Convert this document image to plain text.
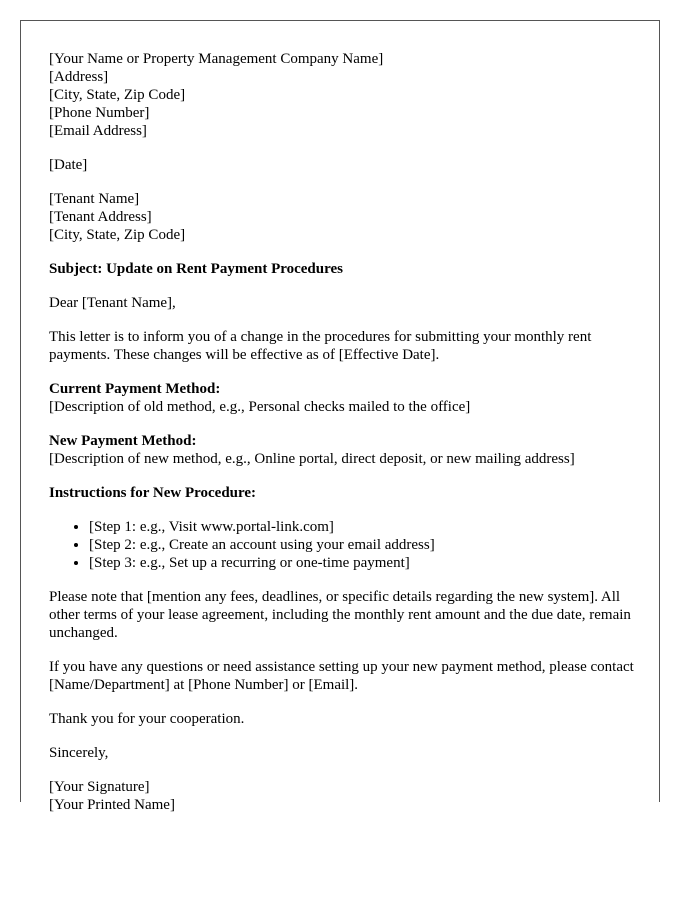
[Your Name or Property Management Company Name]
[Address]
[City, State, Zip Code]
[Phone Number]
[Email Address]
[Date]
[Tenant Name]
[Tenant Address]
[City, State, Zip Code]
Subject: Update on Rent Payment Procedures
Dear [Tenant Name],
This letter is to inform you of a change in the procedures for submitting your monthly rent payments. These changes will be effective as of [Effective Date].
Current Payment Method:
[Description of old method, e.g., Personal checks mailed to the office]
New Payment Method:
[Description of new method, e.g., Online portal, direct deposit, or new mailing address]
Instructions for New Procedure:
• [Step 1: e.g., Visit www.portal-link.com]
• [Step 2: e.g., Create an account using your email address]
• [Step 3: e.g., Set up a recurring or one-time payment]
Please note that [mention any fees, deadlines, or specific details regarding the new system]. All other terms of your lease agreement, including the monthly rent amount and the due date, remain unchanged.
If you have any questions or need assistance setting up your new payment method, please contact [Name/Department] at [Phone Number] or [Email].
Thank you for your cooperation.
Sincerely,
[Your Signature]
[Your Printed Name]
